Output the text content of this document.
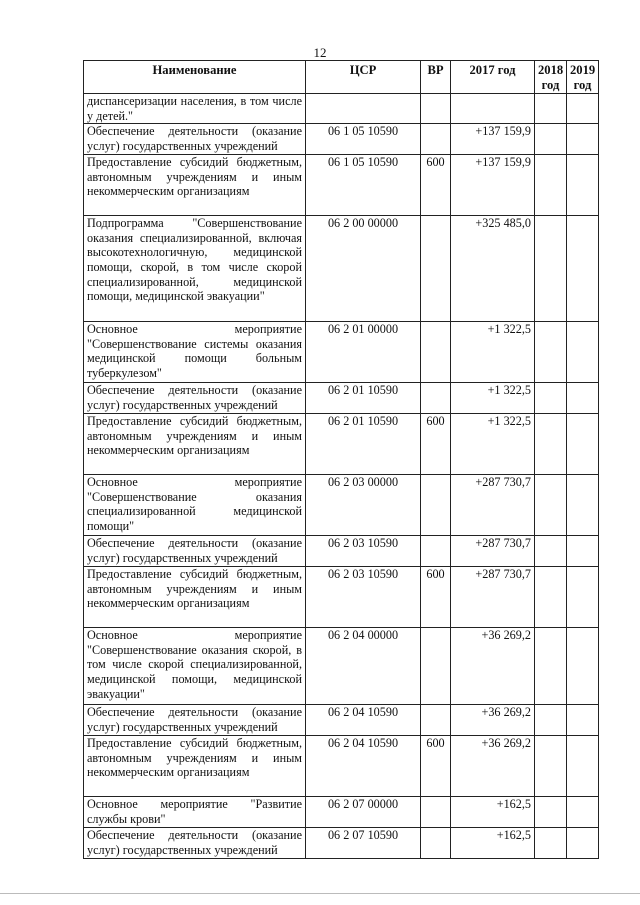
12
Наименование	ЦСР	ВР	2017 год	2018 год	2019 год
диспансеризации населения, в том числе у детей."					
Обеспечение деятельности (оказание услуг) государственных учреждений	06 1 05 10590		+137 159,9		
Предоставление субсидий бюджетным, автономным учреждениям и иным некоммерческим организациям	06 1 05 10590	600	+137 159,9		
Подпрограмма "Совершенствование оказания специализированной, включая высокотехнологичную, медицинской помощи, скорой, в том числе скорой специализированной, медицинской помощи, медицинской эвакуации"	06 2 00 00000		+325 485,0		
Основное мероприятие "Совершенствование системы оказания медицинской помощи больным туберкулезом"	06 2 01 00000		+1 322,5		
Обеспечение деятельности (оказание услуг) государственных учреждений	06 2 01 10590		+1 322,5		
Предоставление субсидий бюджетным, автономным учреждениям и иным некоммерческим организациям	06 2 01 10590	600	+1 322,5		
Основное мероприятие "Совершенствование оказания специализированной медицинской помощи"	06 2 03 00000		+287 730,7		
Обеспечение деятельности (оказание услуг) государственных учреждений	06 2 03 10590		+287 730,7		
Предоставление субсидий бюджетным, автономным учреждениям и иным некоммерческим организациям	06 2 03 10590	600	+287 730,7		
Основное мероприятие "Совершенствование оказания скорой, в том числе скорой специализированной, медицинской помощи, медицинской эвакуации"	06 2 04 00000		+36 269,2		
Обеспечение деятельности (оказание услуг) государственных учреждений	06 2 04 10590		+36 269,2		
Предоставление субсидий бюджетным, автономным учреждениям и иным некоммерческим организациям	06 2 04 10590	600	+36 269,2		
Основное мероприятие "Развитие службы крови"	06 2 07 00000		+162,5		
Обеспечение деятельности (оказание услуг) государственных учреждений	06 2 07 10590		+162,5		
